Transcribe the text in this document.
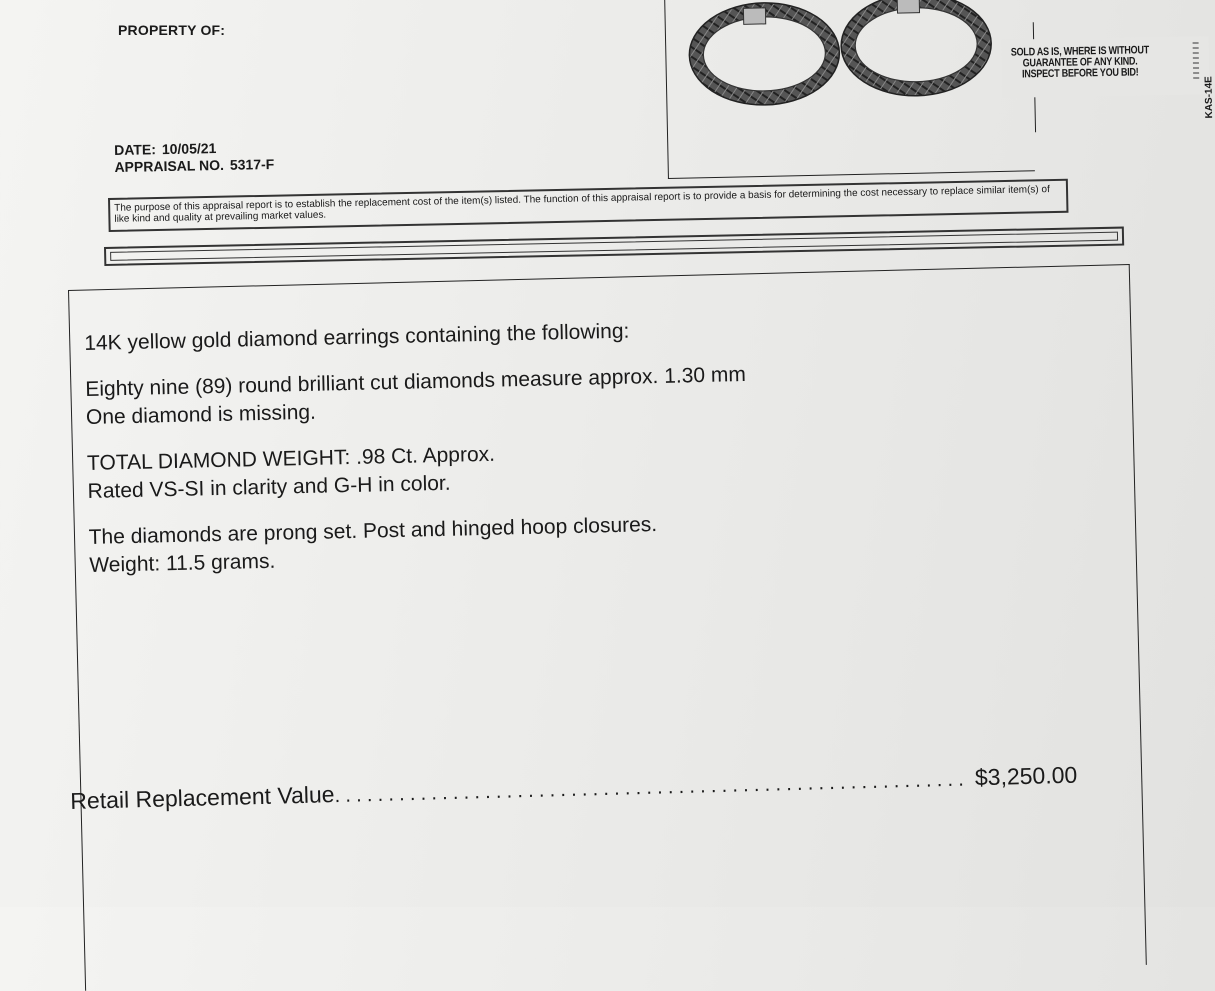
PROPERTY OF:
DATE: 10/05/21
APPRAISAL NO. 5317-F
SOLD AS IS, WHERE IS WITHOUT
GUARANTEE OF ANY KIND.
INSPECT BEFORE YOU BID!
KAS-14E
The purpose of this appraisal report is to establish the replacement cost of the item(s) listed. The function of this appraisal report is to provide a basis for determining the cost necessary to replace similar item(s) of like kind and quality at prevailing market values.

14K yellow gold diamond earrings containing the following:

Eighty nine (89) round brilliant cut diamonds measure approx. 1.30 mm
One diamond is missing.

TOTAL DIAMOND WEIGHT: .98 Ct. Approx.
Rated VS-SI in clarity and G-H in color.

The diamonds are prong set. Post and hinged hoop closures.
Weight: 11.5 grams.

Retail Replacement Value........................................................... $3,250.00
